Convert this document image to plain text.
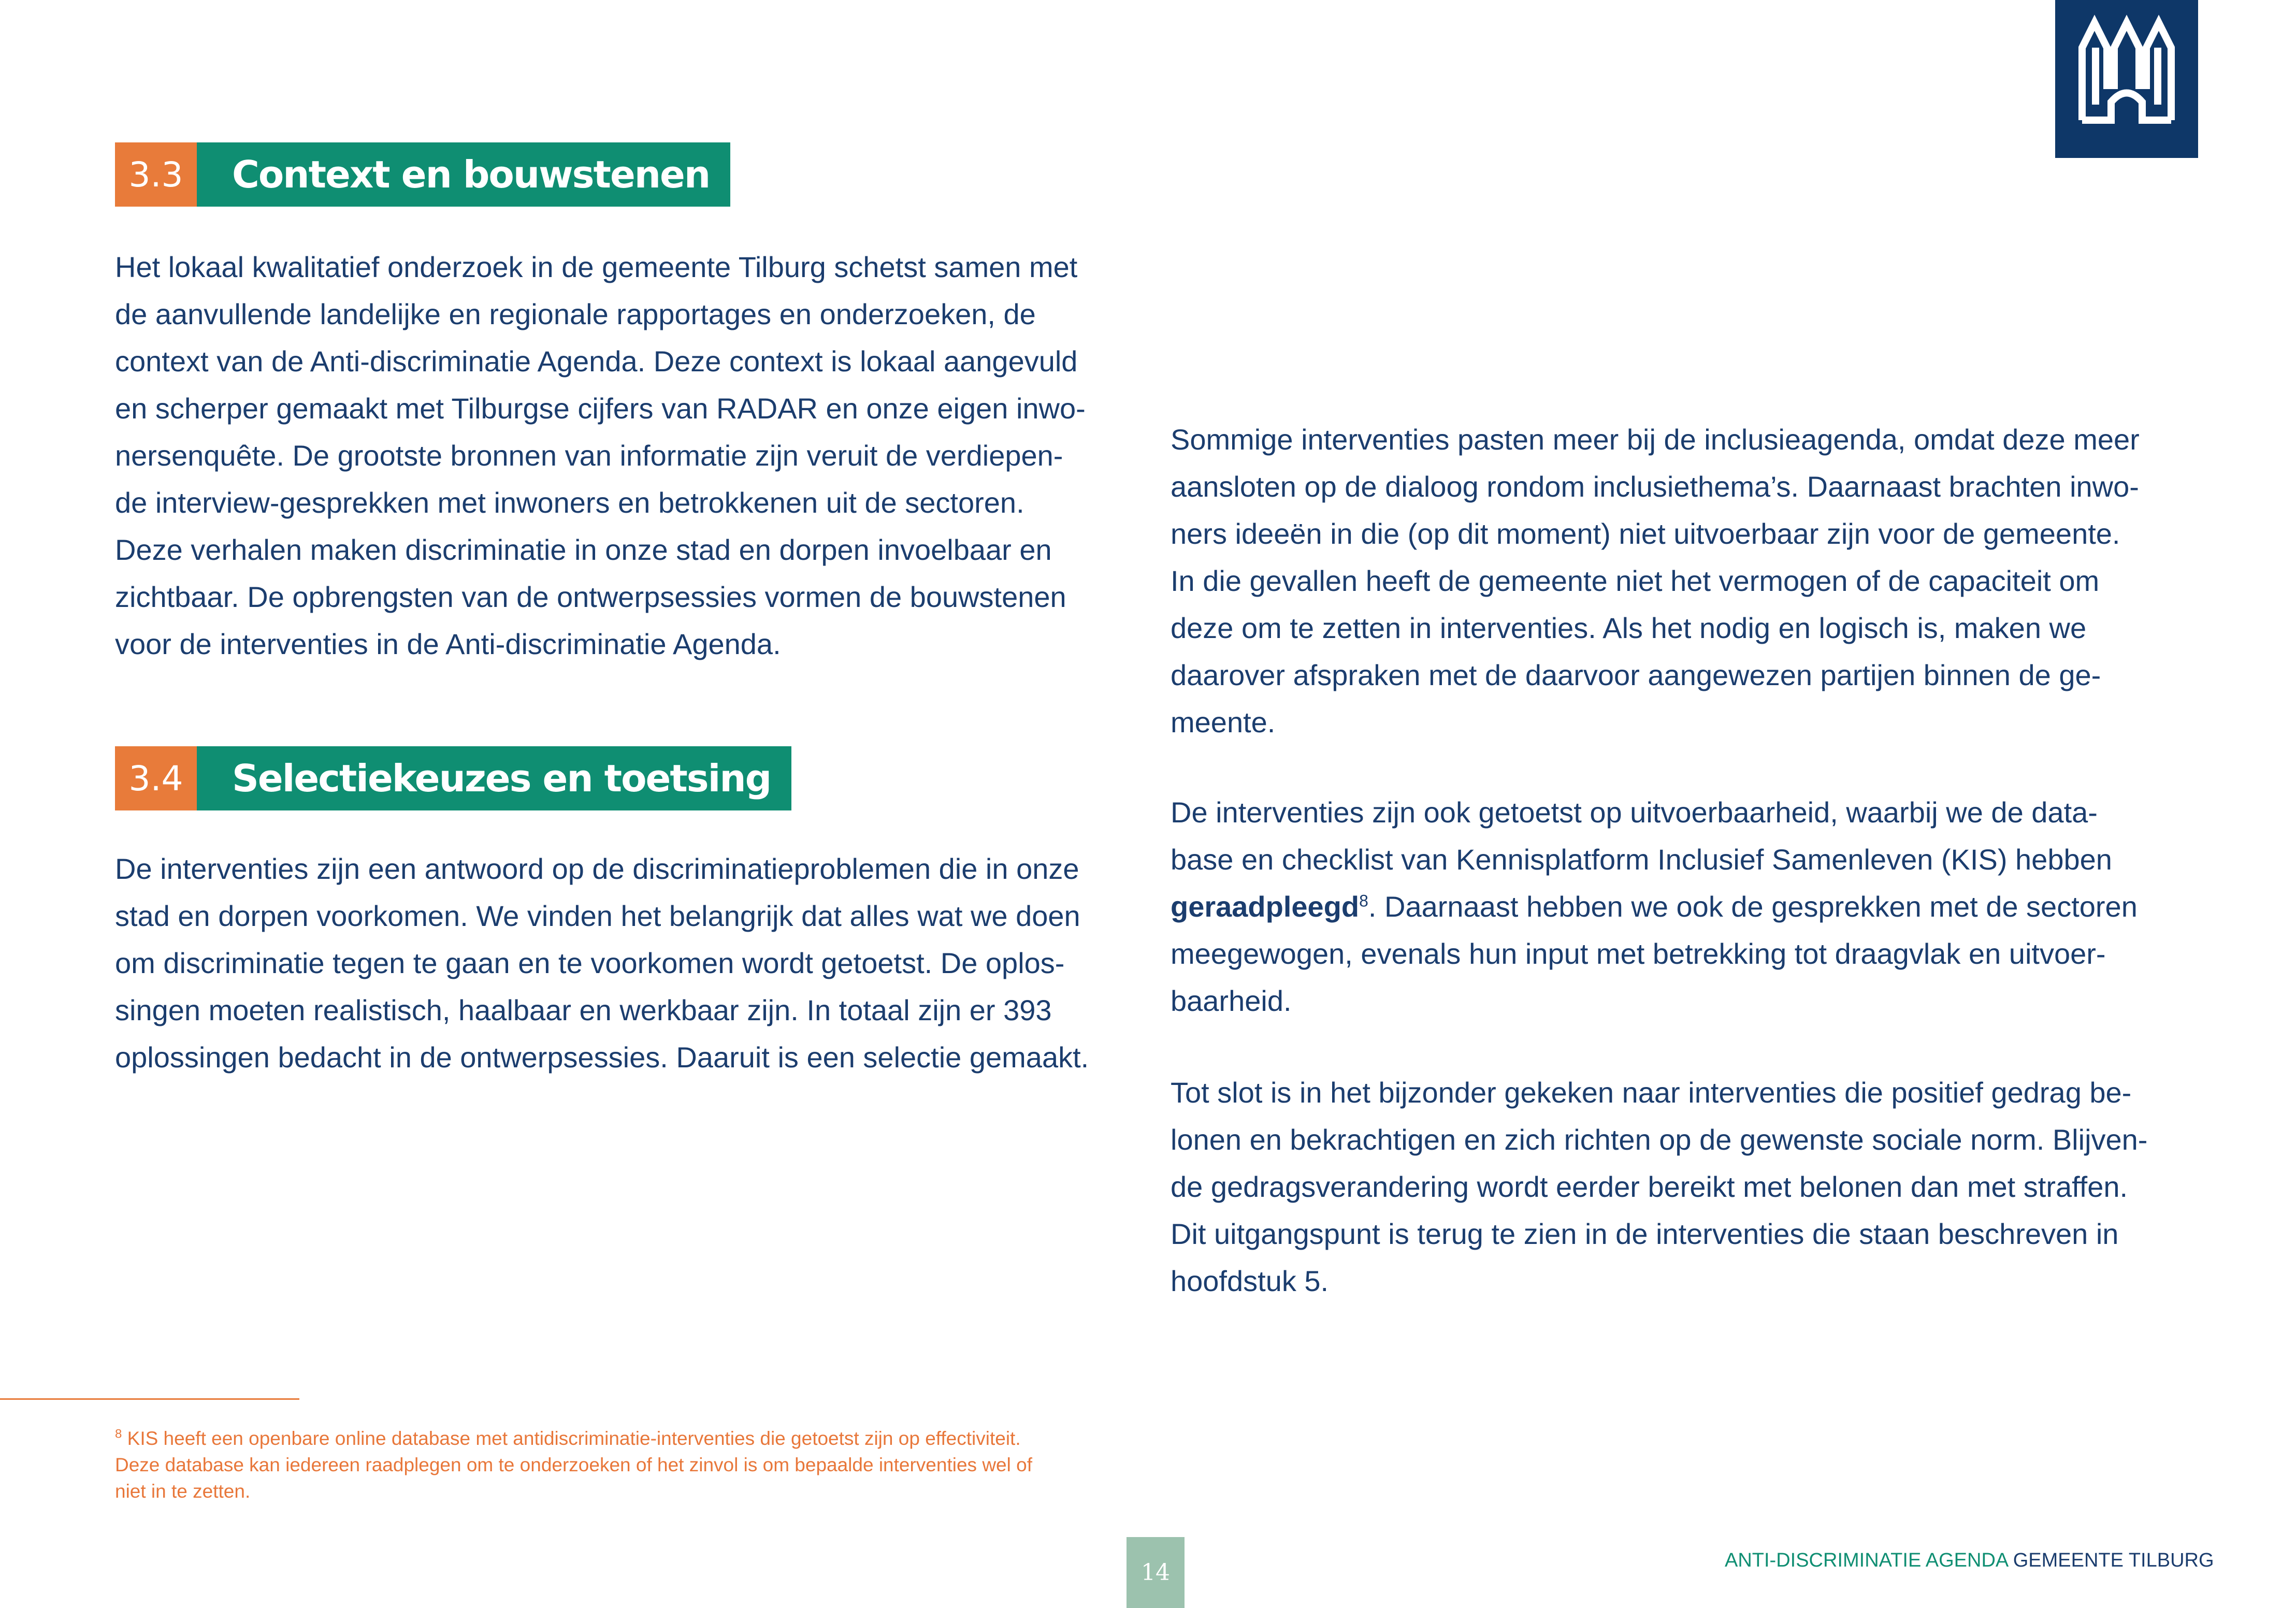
3.3	Context en bouwstenen
Het lokaal kwalitatief onderzoek in de gemeente Tilburg schetst samen met
de aanvullende landelijke en regionale rapportages en onderzoeken, de
context van de Anti-discriminatie Agenda. Deze context is lokaal aangevuld
en scherper gemaakt met Tilburgse cijfers van RADAR en onze eigen inwo-
nersenquête. De grootste bronnen van informatie zijn veruit de verdiepen-
de interview-gesprekken met inwoners en betrokkenen uit de sectoren.
Deze verhalen maken discriminatie in onze stad en dorpen invoelbaar en
zichtbaar. De opbrengsten van de ontwerpsessies vormen de bouwstenen
voor de interventies in de Anti-discriminatie Agenda.
3.4	Selectiekeuzes en toetsing
De interventies zijn een antwoord op de discriminatieproblemen die in onze
stad en dorpen voorkomen. We vinden het belangrijk dat alles wat we doen
om discriminatie tegen te gaan en te voorkomen wordt getoetst. De oplos-
singen moeten realistisch, haalbaar en werkbaar zijn. In totaal zijn er 393
oplossingen bedacht in de ontwerpsessies. Daaruit is een selectie gemaakt.
Sommige interventies pasten meer bij de inclusieagenda, omdat deze meer
aansloten op de dialoog rondom inclusiethema’s. Daarnaast brachten inwo-
ners ideeën in die (op dit moment) niet uitvoerbaar zijn voor de gemeente.
In die gevallen heeft de gemeente niet het vermogen of de capaciteit om
deze om te zetten in interventies. Als het nodig en logisch is, maken we
daarover afspraken met de daarvoor aangewezen partijen binnen de ge-
meente.
De interventies zijn ook getoetst op uitvoerbaarheid, waarbij we de data-
base en checklist van Kennisplatform Inclusief Samenleven (KIS) hebben
geraadpleegd$^8$. Daarnaast hebben we ook de gesprekken met de sectoren
meegewogen, evenals hun input met betrekking tot draagvlak en uitvoer-
baarheid.
Tot slot is in het bijzonder gekeken naar interventies die positief gedrag be-
lonen en bekrachtigen en zich richten op de gewenste sociale norm. Blijven-
de gedragsverandering wordt eerder bereikt met belonen dan met straffen.
Dit uitgangspunt is terug te zien in de interventies die staan beschreven in
hoofdstuk 5.
$^8$ KIS heeft een openbare online database met antidiscriminatie-interventies die getoetst zijn op effectiviteit.
Deze database kan iedereen raadplegen om te onderzoeken of het zinvol is om bepaalde interventies wel of
niet in te zetten.
14	ANTI-DISCRIMINATIE AGENDA GEMEENTE TILBURG
